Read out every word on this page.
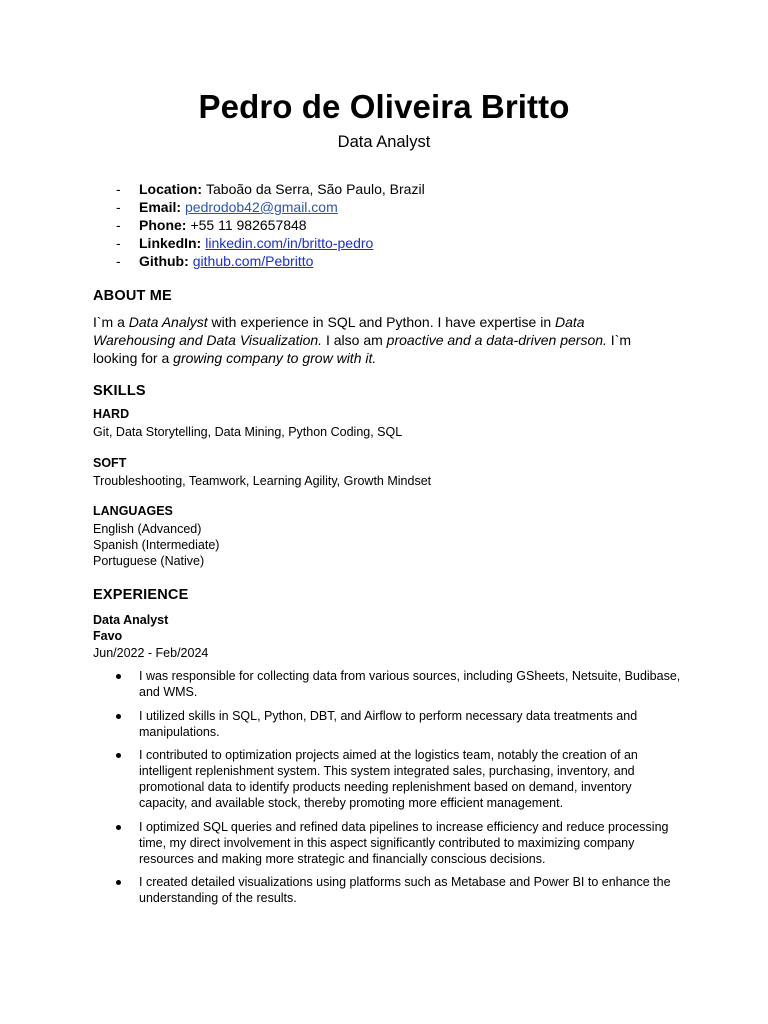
Pedro de Oliveira Britto

Data Analyst

-	Location: Taboão da Serra, São Paulo, Brazil
-	Email: pedrodob42@gmail.com
-	Phone: +55 11 982657848
-	LinkedIn: linkedin.com/in/britto-pedro
-	Github: github.com/Pebritto
ABOUT ME

I`m a Data Analyst with experience in SQL and Python. I have expertise in Data Warehousing and Data Visualization. I also am proactive and a data-driven person. I`m looking for a growing company to grow with it.

SKILLS

HARD

Git, Data Storytelling, Data Mining, Python Coding, SQL

SOFT

Troubleshooting, Teamwork, Learning Agility, Growth Mindset

LANGUAGES

English (Advanced)

Spanish (Intermediate)

Portuguese (Native)

EXPERIENCE

Data Analyst

Favo

Jun/2022 - Feb/2024

I was responsible for collecting data from various sources, including GSheets, Netsuite, Budibase, and WMS.
I utilized skills in SQL, Python, DBT, and Airflow to perform necessary data treatments and manipulations.
I contributed to optimization projects aimed at the logistics team, notably the creation of an intelligent replenishment system. This system integrated sales, purchasing, inventory, and promotional data to identify products needing replenishment based on demand, inventory capacity, and available stock, thereby promoting more efficient management.
I optimized SQL queries and refined data pipelines to increase efficiency and reduce processing time, my direct involvement in this aspect significantly contributed to maximizing company resources and making more strategic and financially conscious decisions.
I created detailed visualizations using platforms such as Metabase and Power BI to enhance the understanding of the results.
